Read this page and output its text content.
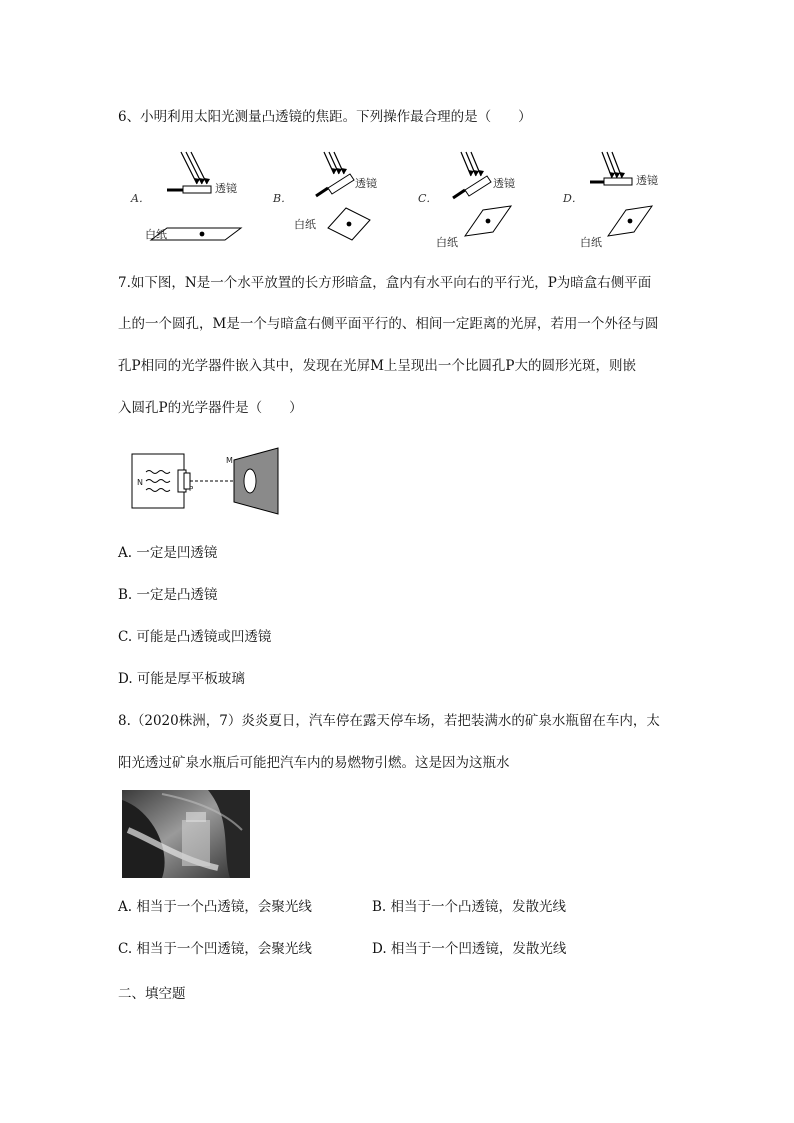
6、小明利用太阳光测量凸透镜的焦距。下列操作最合理的是（　　）
A．
透镜
白纸
B．
透镜
白纸
C．
透镜
白纸
D．
透镜
白纸
7.如下图，N是一个水平放置的长方形暗盒，盒内有水平向右的平行光，P为暗盒右侧平面
上的一个圆孔，M是一个与暗盒右侧平面平行的、相间一定距离的光屏，若用一个外径与圆
孔P相同的光学器件嵌入其中，发现在光屏M上呈现出一个比圆孔P大的圆形光斑，则嵌
入圆孔P的光学器件是（　　）
N
P
M
A. 一定是凹透镜
B. 一定是凸透镜
C. 可能是凸透镜或凹透镜
D. 可能是厚平板玻璃
8.（2020株洲，7）炎炎夏日，汽车停在露天停车场，若把装满水的矿泉水瓶留在车内，太
阳光透过矿泉水瓶后可能把汽车内的易燃物引燃。这是因为这瓶水
A. 相当于一个凸透镜，会聚光线	B. 相当于一个凸透镜，发散光线
C. 相当于一个凹透镜，会聚光线	D. 相当于一个凹透镜，发散光线
二、填空题
